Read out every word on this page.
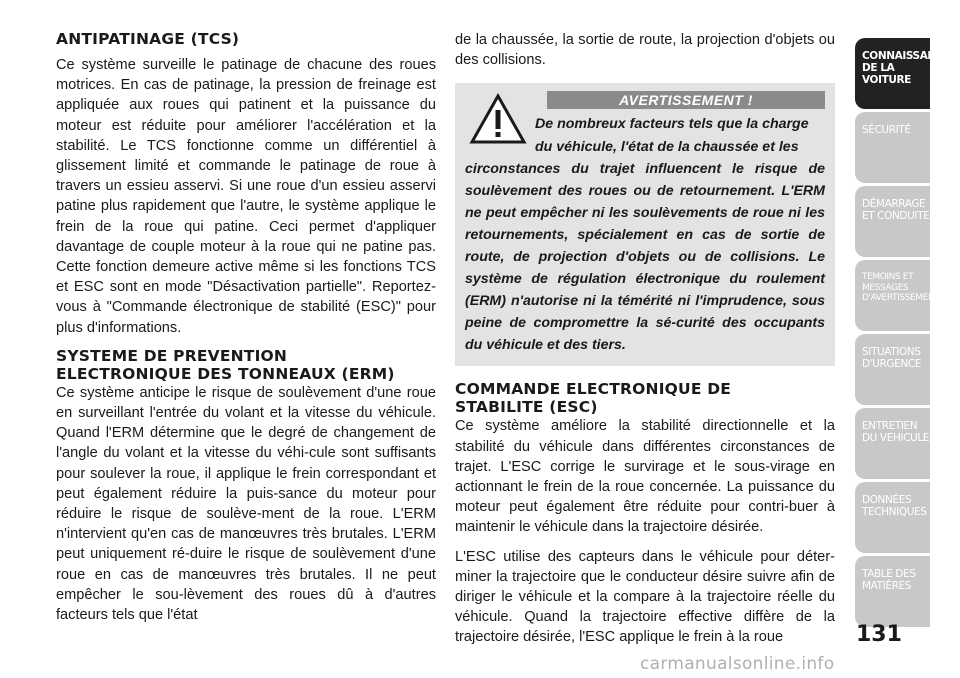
ANTIPATINAGE (TCS)

Ce système surveille le patinage de chacune des roues motrices. En cas de patinage, la pression de freinage est appliquée aux roues qui patinent et la puissance du moteur est réduite pour améliorer l'accélération et la stabilité. Le TCS fonctionne comme un différentiel à glissement limité et commande le patinage de roue à travers un essieu asservi. Si une roue d'un essieu asservi patine plus rapidement que l'autre, le système applique le frein de la roue qui patine. Ceci permet d'appliquer davantage de couple moteur à la roue qui ne patine pas. Cette fonction demeure active même si les fonctions TCS et ESC sont en mode "Désactivation partielle". Reportez-vous à "Commande électronique de stabilité (ESC)" pour plus d'informations.

SYSTEME DE PREVENTION
ELECTRONIQUE DES TONNEAUX (ERM)

Ce système anticipe le risque de soulèvement d'une roue en surveillant l'entrée du volant et la vitesse du véhicule. Quand l'ERM détermine que le degré de changement de l'angle du volant et la vitesse du véhi-cule sont suffisants pour soulever la roue, il applique le frein correspondant et peut également réduire la puis-sance du moteur pour réduire le risque de soulève-ment de la roue. L'ERM n'intervient qu'en cas de manœuvres très brutales. L'ERM peut uniquement ré-duire le risque de soulèvement d'une roue en cas de manœuvres très brutales. Il ne peut empêcher le sou-lèvement des roues dû à d'autres facteurs tels que l'état

de la chaussée, la sortie de route, la projection d'objets ou des collisions.

AVERTISSEMENT !
De nombreux facteurs tels que la charge
du véhicule, l'état de la chaussée et les
circonstances du trajet influencent le risque de soulèvement des roues ou de retournement. L'ERM ne peut empêcher ni les soulèvements de roue ni les retournements, spécialement en cas de sortie de route, de projection d'objets ou de collisions. Le système de régulation électronique du roulement (ERM) n'autorise ni la témérité ni l'imprudence, sous peine de compromettre la sé-curité des occupants du véhicule et des tiers.
COMMANDE ELECTRONIQUE DE
STABILITE (ESC)

Ce système améliore la stabilité directionnelle et la stabilité du véhicule dans différentes circonstances de trajet. L'ESC corrige le survirage et le sous-virage en actionnant le frein de la roue concernée. La puissance du moteur peut également être réduite pour contri-buer à maintenir le véhicule dans la trajectoire désirée.

L'ESC utilise des capteurs dans le véhicule pour déter-miner la trajectoire que le conducteur désire suivre afin de diriger le véhicule et la compare à la trajectoire réelle du véhicule. Quand la trajectoire effective diffère de la trajectoire désirée, l'ESC applique le frein à la roue

CONNAISSANCE
DE LA VOITURE
SÉCURITÉ
DÉMARRAGE
ET CONDUITE
TEMOINS ET
MESSAGES
D'AVERTISSEMENT
SITUATIONS
D'URGENCE
ENTRETIEN
DU VEHICULE
DONNÉES
TECHNIQUES
TABLE DES
MATIÈRES
131
carmanualsonline.info
